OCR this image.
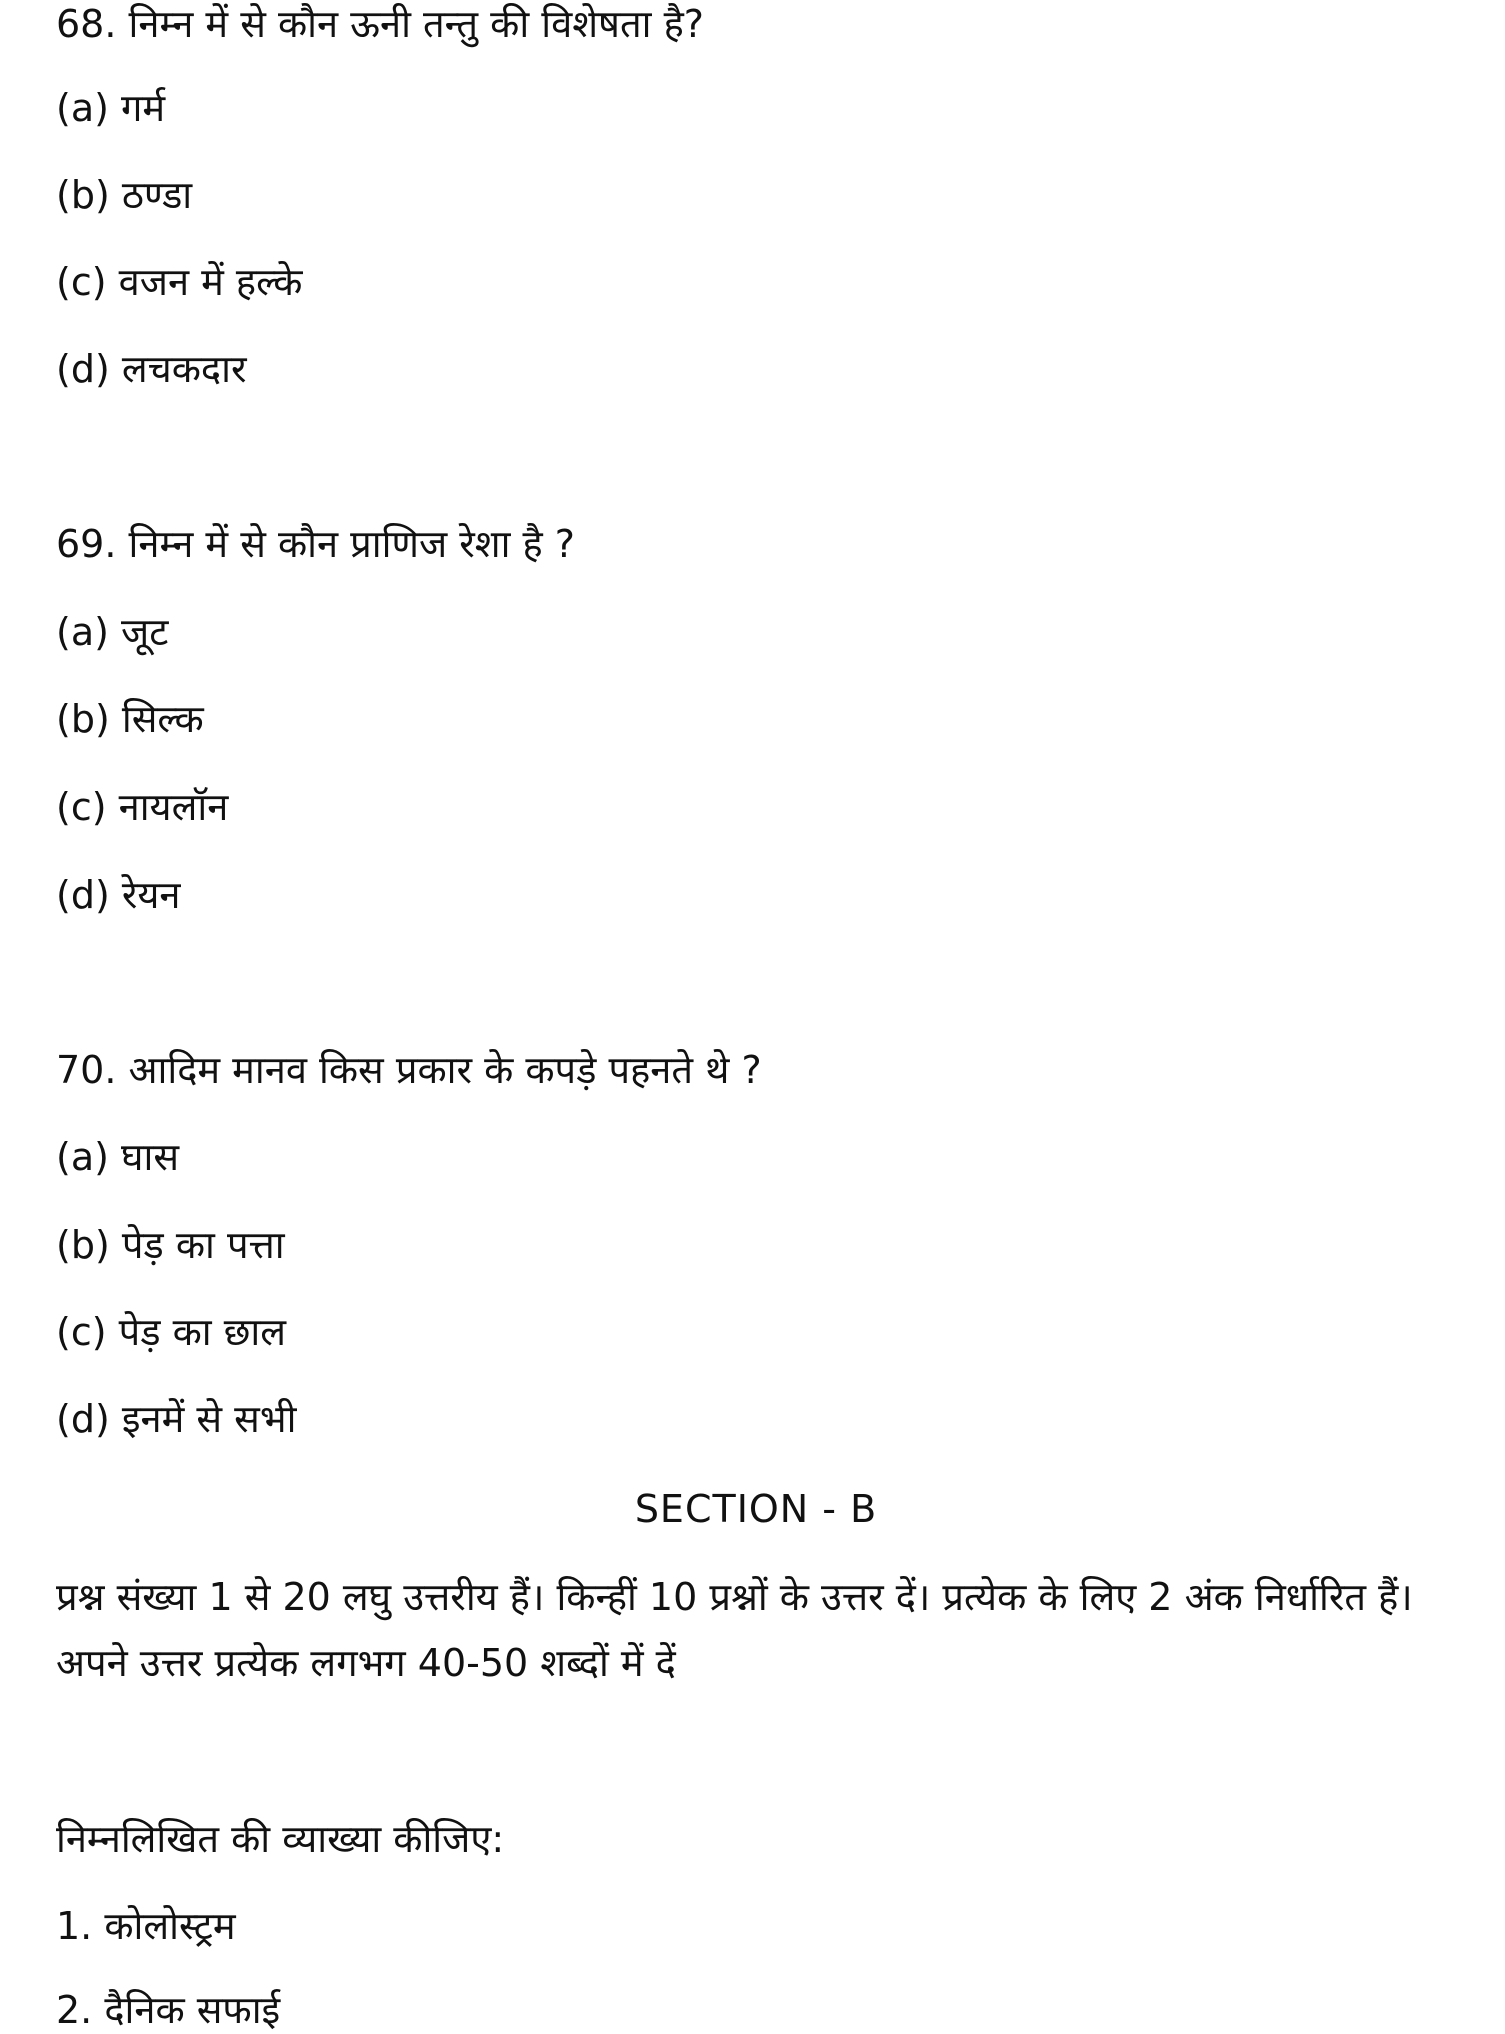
68. निम्न में से कौन ऊनी तन्तु की विशेषता है?
(a) गर्म
(b) ठण्डा
(c) वजन में हल्के
(d) लचकदार
69. निम्न में से कौन प्राणिज रेशा है ?
(a) जूट
(b) सिल्क
(c) नायलॉन
(d) रेयन
70. आदिम मानव किस प्रकार के कपड़े पहनते थे ?
(a) घास
(b) पेड़ का पत्ता
(c) पेड़ का छाल
(d) इनमें से सभी
SECTION - B
प्रश्न संख्या 1 से 20 लघु उत्तरीय हैं। किन्हीं 10 प्रश्नों के उत्तर दें। प्रत्येक के लिए 2 अंक निर्धारित हैं। अपने उत्तर प्रत्येक लगभग 40-50 शब्दों में दें
निम्नलिखित की व्याख्या कीजिए:
1. कोलोस्ट्रम
2. दैनिक सफाई
